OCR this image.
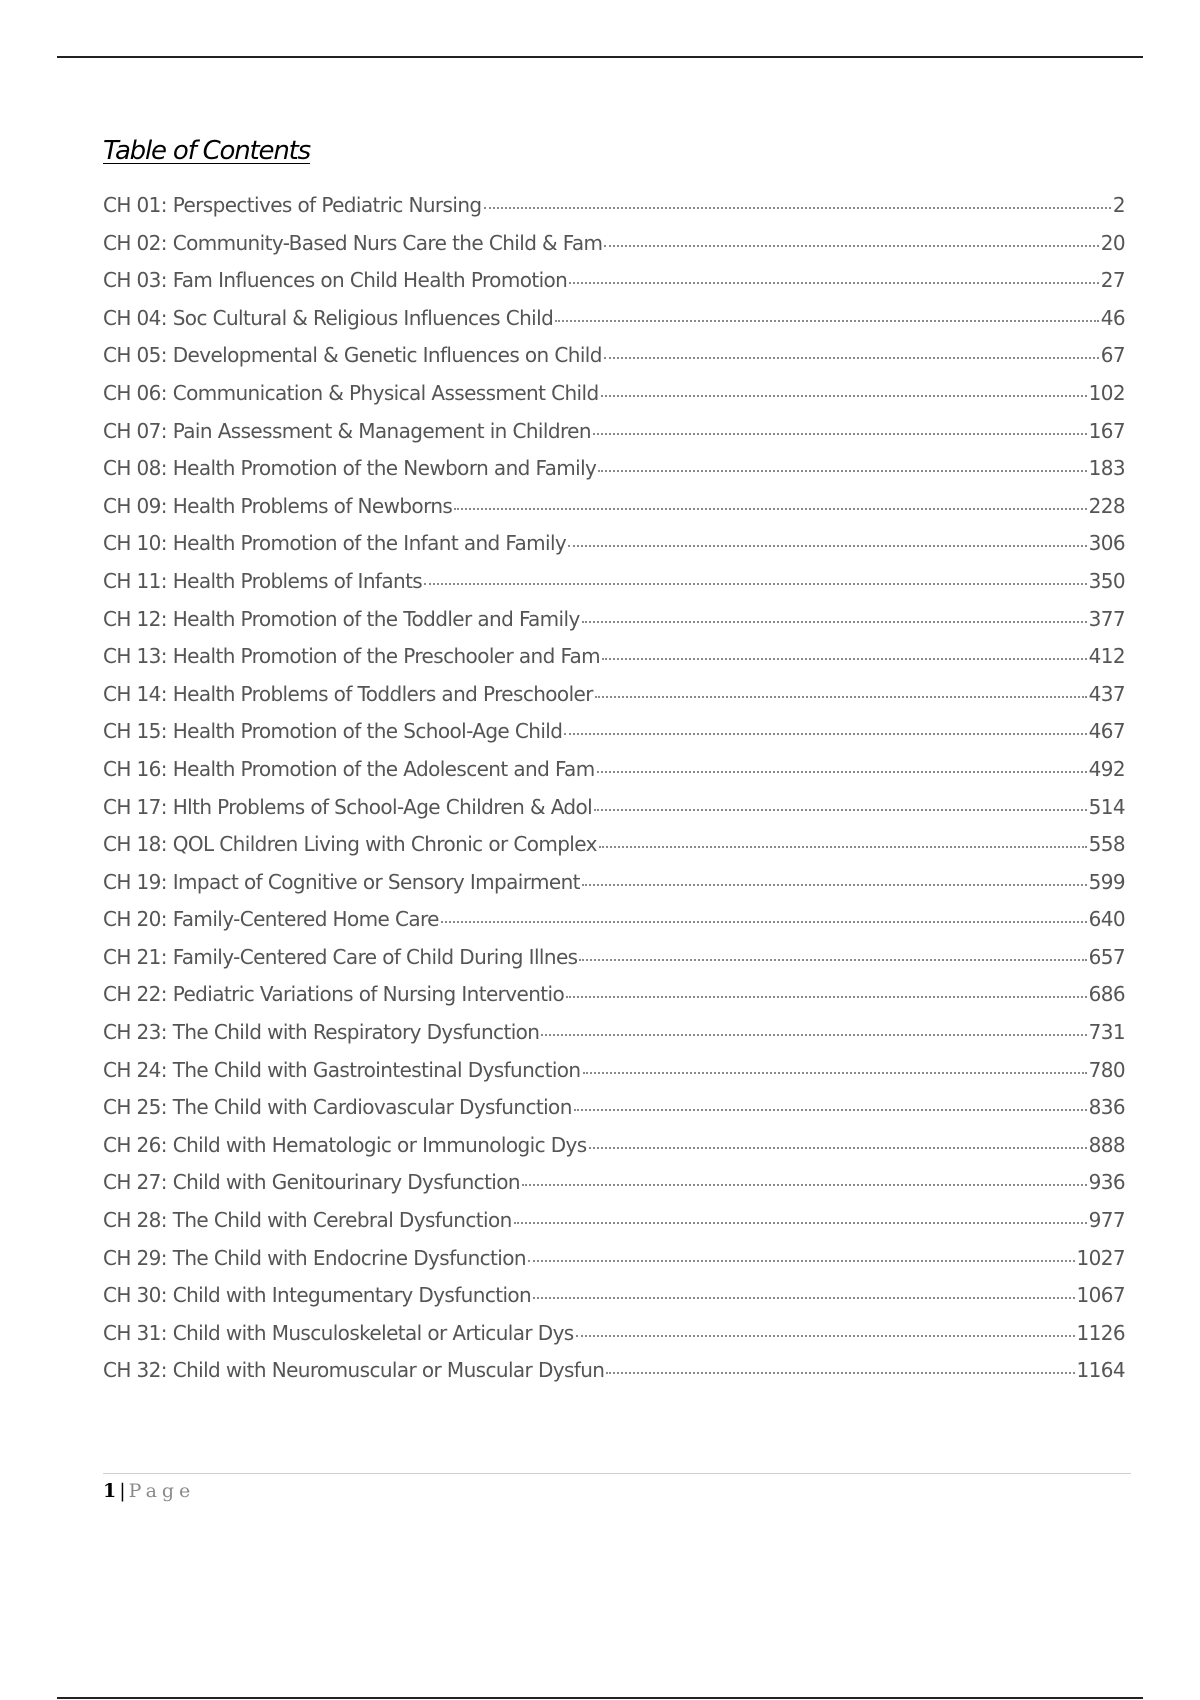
Table of Contents
CH 01: Perspectives of Pediatric Nursing	2
CH 02: Community-Based Nurs Care the Child & Fam	20
CH 03: Fam Influences on Child Health Promotion	27
CH 04: Soc Cultural & Religious Influences Child	46
CH 05: Developmental & Genetic Influences on Child	67
CH 06: Communication & Physical Assessment Child	102
CH 07: Pain Assessment & Management in Children	167
CH 08: Health Promotion of the Newborn and Family	183
CH 09: Health Problems of Newborns	228
CH 10: Health Promotion of the Infant and Family	306
CH 11: Health Problems of Infants	350
CH 12: Health Promotion of the Toddler and Family	377
CH 13: Health Promotion of the Preschooler and Fam	412
CH 14: Health Problems of Toddlers and Preschooler	437
CH 15: Health Promotion of the School-Age Child	467
CH 16: Health Promotion of the Adolescent and Fam	492
CH 17: Hlth Problems of School-Age Children & Adol	514
CH 18: QOL Children Living with Chronic or Complex	558
CH 19: Impact of Cognitive or Sensory Impairment	599
CH 20: Family-Centered Home Care	640
CH 21: Family-Centered Care of Child During Illnes	657
CH 22: Pediatric Variations of Nursing Interventio	686
CH 23: The Child with Respiratory Dysfunction	731
CH 24: The Child with Gastrointestinal Dysfunction	780
CH 25: The Child with Cardiovascular Dysfunction	836
CH 26: Child with Hematologic or Immunologic Dys	888
CH 27: Child with Genitourinary Dysfunction	936
CH 28: The Child with Cerebral Dysfunction	977
CH 29: The Child with Endocrine Dysfunction	1027
CH 30: Child with Integumentary Dysfunction	1067
CH 31: Child with Musculoskeletal or Articular Dys	1126
CH 32: Child with Neuromuscular or Muscular Dysfun	1164
1 | Page
